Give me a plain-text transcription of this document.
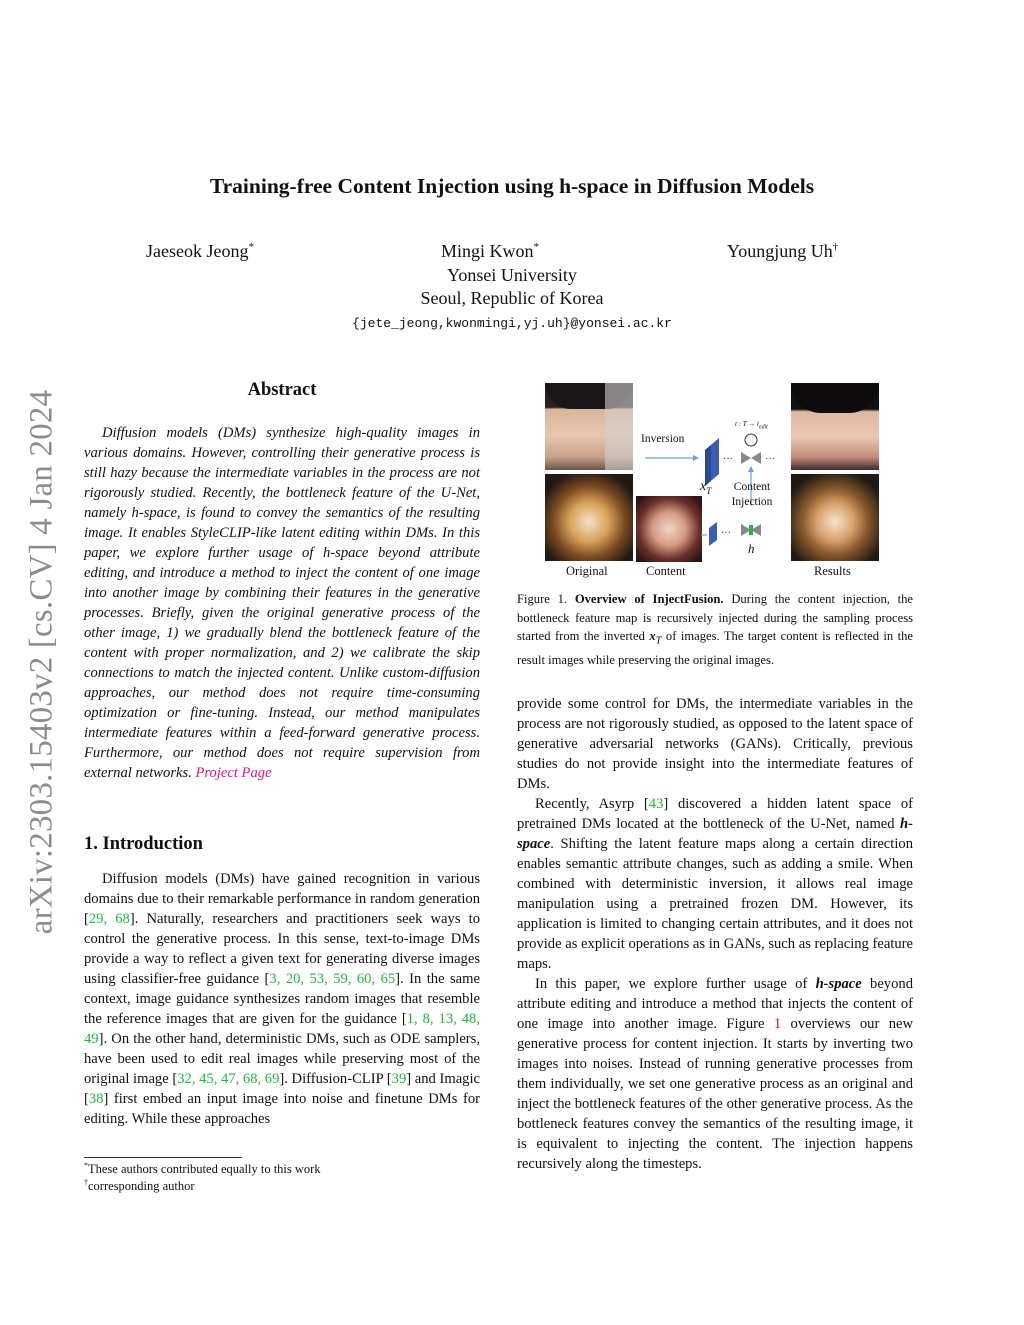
arXiv:2303.15403v2 [cs.CV] 4 Jan 2024
Training-free Content Injection using h-space in Diffusion Models
Jaeseok Jeong*	Mingi Kwon*	Youngjung Uh†
Yonsei University
Seoul, Republic of Korea
{jete_jeong,kwonmingi,yj.uh}@yonsei.ac.kr
Abstract
Diffusion models (DMs) synthesize high-quality images in various domains. However, controlling their generative process is still hazy because the intermediate variables in the process are not rigorously studied. Recently, the bottleneck feature of the U-Net, namely h-space, is found to convey the semantics of the resulting image. It enables StyleCLIP-like latent editing within DMs. In this paper, we explore further usage of h-space beyond attribute editing, and introduce a method to inject the content of one image into another image by combining their features in the generative processes. Briefly, given the original generative process of the other image, 1) we gradually blend the bottleneck feature of the content with proper normalization, and 2) we calibrate the skip connections to match the injected content. Unlike custom-diffusion approaches, our method does not require time-consuming optimization or fine-tuning. Instead, our method manipulates intermediate features within a feed-forward generative process. Furthermore, our method does not require supervision from external networks. Project Page
1. Introduction

Diffusion models (DMs) have gained recognition in various domains due to their remarkable performance in random generation [29, 68]. Naturally, researchers and practitioners seek ways to control the generative process. In this sense, text-to-image DMs provide a way to reflect a given text for generating diverse images using classifier-free guidance [3, 20, 53, 59, 60, 65]. In the same context, image guidance synthesizes random images that resemble the reference images that are given for the guidance [1, 8, 13, 48, 49]. On the other hand, deterministic DMs, such as ODE samplers, have been used to edit real images while preserving most of the original image [32, 45, 47, 68, 69]. Diffusion-CLIP [39] and Imagic [38] first embed an input image into noise and finetune DMs for editing. While these approaches

*These authors contributed equally to this work
†corresponding author
···	···
···
Inversion
t : $T \to t_{edit}$
$x_T$	Content
Injection
h
Original	Content	Results
Figure 1. Overview of InjectFusion. During the content injection, the bottleneck feature map is recursively injected during the sampling process started from the inverted $x_T$ of images. The target content is reflected in the result images while preserving the original images.

provide some control for DMs, the intermediate variables in the process are not rigorously studied, as opposed to the latent space of generative adversarial networks (GANs). Critically, previous studies do not provide insight into the intermediate features of DMs.

Recently, Asyrp [43] discovered a hidden latent space of pretrained DMs located at the bottleneck of the U-Net, named h-space. Shifting the latent feature maps along a certain direction enables semantic attribute changes, such as adding a smile. When combined with deterministic inversion, it allows real image manipulation using a pretrained frozen DM. However, its application is limited to changing certain attributes, and it does not provide as explicit operations as in GANs, such as replacing feature maps.

In this paper, we explore further usage of h-space beyond attribute editing and introduce a method that injects the content of one image into another image. Figure 1 overviews our new generative process for content injection. It starts by inverting two images into noises. Instead of running generative processes from them individually, we set one generative process as an original and inject the bottleneck features of the other generative process. As the bottleneck features convey the semantics of the resulting image, it is equivalent to injecting the content. The injection happens recursively along the timesteps.
